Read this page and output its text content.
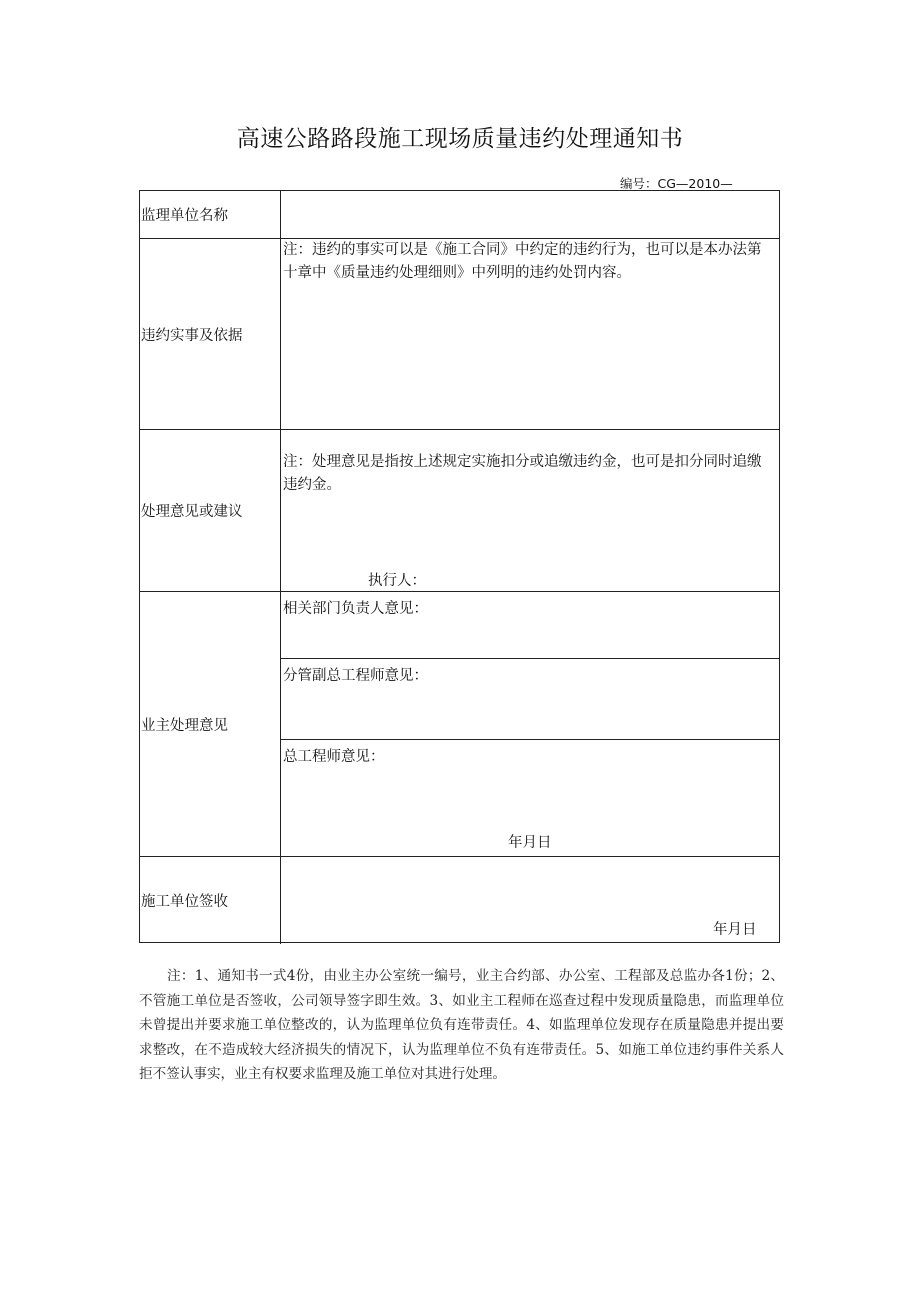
高速公路路段施工现场质量违约处理通知书
编号：CG—2010—
监理单位名称
违约实事及依据
注：违约的事实可以是《施工合同》中约定的违约行为，也可以是本办法第十章中《质量违约处理细则》中列明的违约处罚内容。
处理意见或建议
注：处理意见是指按上述规定实施扣分或追缴违约金，也可是扣分同时追缴违约金。
执行人：
业主处理意见
相关部门负责人意见：
分管副总工程师意见：
总工程师意见：
年月日
施工单位签收
年月日
注：1、通知书一式4份，由业主办公室统一编号，业主合约部、办公室、工程部及总监办各1份；2、不管施工单位是否签收，公司领导签字即生效。3、如业主工程师在巡查过程中发现质量隐患，而监理单位未曾提出并要求施工单位整改的，认为监理单位负有连带责任。4、如监理单位发现存在质量隐患并提出要求整改，在不造成较大经济损失的情况下，认为监理单位不负有连带责任。5、如施工单位违约事件关系人拒不签认事实，业主有权要求监理及施工单位对其进行处理。
